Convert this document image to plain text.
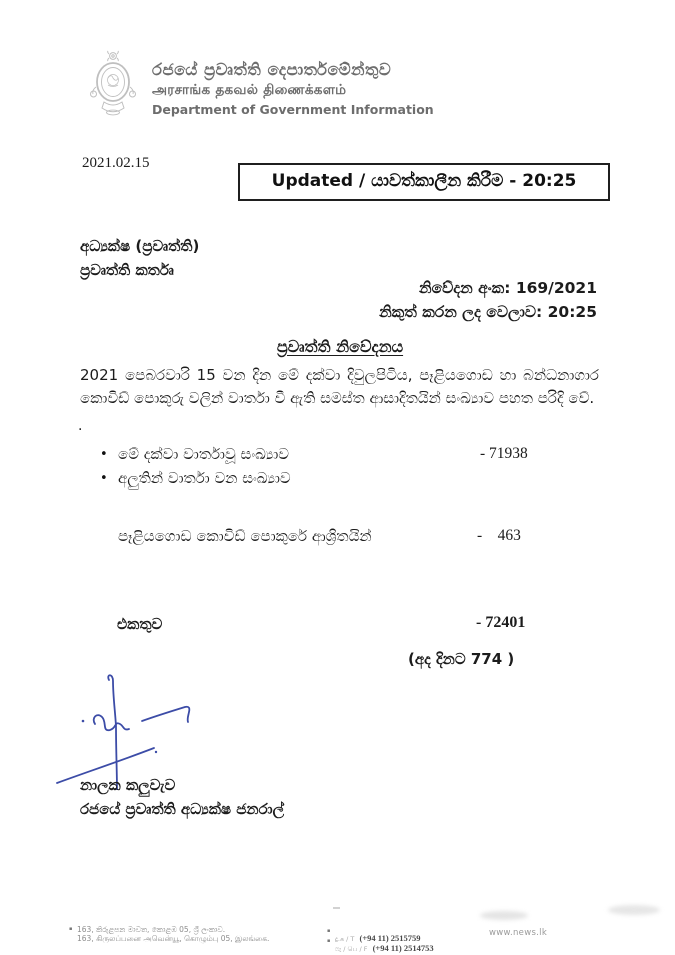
රජයේ ප්‍රවෘත්ති දෙපාර්තමේන්තුව
அரசாங்க தகவல் திணைக்களம்
Department of Government Information
2021.02.15
Updated / යාවත්කාලීන කිරීම - 20:25
අධ්‍යක්ෂ (ප්‍රවෘත්ති)
ප්‍රවෘත්ති කර්තෘ
නිවේදන අංක: 169/2021
නිකුත් කරන ලද වෙලාව: 20:25
ප්‍රවෘත්ති නිවේදනය
2021 පෙබරවාරි 15 වන දින මේ දක්වා දිවුලපිටිය, පෑළියගොඩ හා බන්ධනාගාර කොවිඩ් පොකුරු වලින් වාර්තා වී ඇති සමස්ත ආසාදිතයින් සංඛ්‍යාව පහත පරිදි වේ.
.
• මේ දක්වා වාර්තාවූ සංඛ්‍යාව	- 71938
• අලුතින් වාර්තා වන සංඛ්‍යාව
පෑළියගොඩ කොවිඩ් පොකුරේ ආශ්‍රිතයින්	-    463
එකතුව	- 72401
(අද දිනට 774 )
නාලක කලුවැව
රජයේ ප්‍රවෘත්ති අධ්‍යක්ෂ ජනරාල්
▪ 163, කිරුළපන මාවත, කොළඹ 05, ශ්‍රී ලංකාව.
163, கிருலப்பனை அவென்யூ, கொழும்பு 05, இலங்கை.
▪
දු.க / T (+94 11) 2515759
▪
ෆැ / பெ / F (+94 11) 2514753
www.news.lk
